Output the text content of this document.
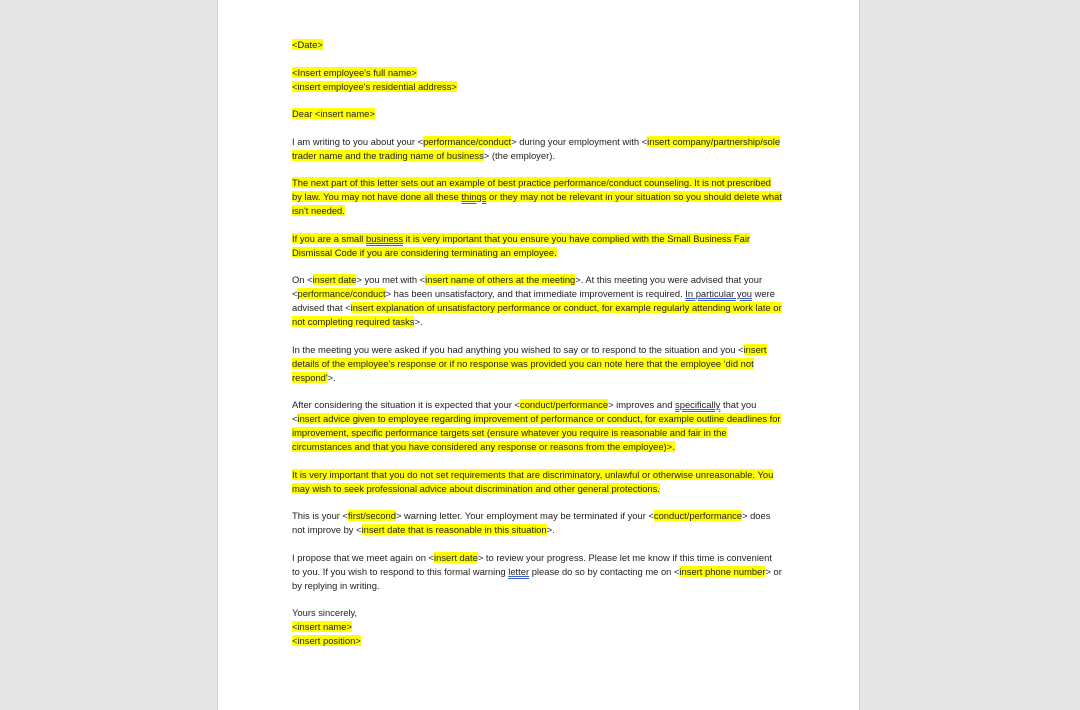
<Date>

<Insert employee's full name>
<insert employee's residential address>

Dear <insert name>

I am writing to you about your <performance/conduct> during your employment with <insert company/partnership/sole trader name and the trading name of business> (the employer).

The next part of this letter sets out an example of best practice performance/conduct counseling. It is not prescribed by law. You may not have done all these things or they may not be relevant in your situation so you should delete what isn't needed.

If you are a small business it is very important that you ensure you have complied with the Small Business Fair Dismissal Code if you are considering terminating an employee.

On <insert date> you met with <insert name of others at the meeting>. At this meeting you were advised that your <performance/conduct> has been unsatisfactory, and that immediate improvement is required. In particular you were advised that <insert explanation of unsatisfactory performance or conduct, for example regularly attending work late or not completing required tasks>.

In the meeting you were asked if you had anything you wished to say or to respond to the situation and you <insert details of the employee's response or if no response was provided you can note here that the employee 'did not respond'>.

After considering the situation it is expected that your <conduct/performance> improves and specifically that you <insert advice given to employee regarding improvement of performance or conduct, for example outline deadlines for improvement, specific performance targets set (ensure whatever you require is reasonable and fair in the circumstances and that you have considered any response or reasons from the employee)>.

It is very important that you do not set requirements that are discriminatory, unlawful or otherwise unreasonable. You may wish to seek professional advice about discrimination and other general protections.

This is your <first/second> warning letter. Your employment may be terminated if your <conduct/performance> does not improve by <insert date that is reasonable in this situation>.

I propose that we meet again on <insert date> to review your progress. Please let me know if this time is convenient to you. If you wish to respond to this formal warning letter please do so by contacting me on <insert phone number> or by replying in writing.

Yours sincerely,
<insert name>
<insert position>
